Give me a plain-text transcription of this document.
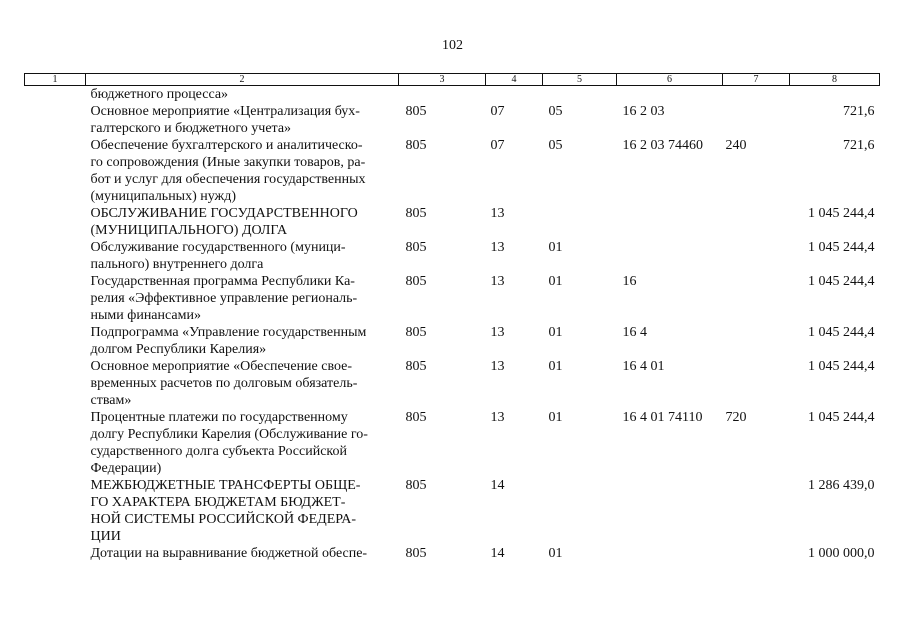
102
1	2	3	4	5	6	7	8
	бюджетного процесса»						
	Основное мероприятие «Централизация бух-
галтерского и бюджетного учета»	805	07	05	16 2 03		721,6
	Обеспечение бухгалтерского и аналитическо-
го сопровождения (Иные закупки товаров, ра-
бот и услуг для обеспечения государственных
(муниципальных) нужд)	805	07	05	16 2 03 74460	240	721,6
	ОБСЛУЖИВАНИЕ ГОСУДАРСТВЕННОГО
(МУНИЦИПАЛЬНОГО) ДОЛГА	805	13				1 045 244,4
	Обслуживание государственного (муници-
пального) внутреннего долга	805	13	01			1 045 244,4
	Государственная программа Республики Ка-
релия «Эффективное управление региональ-
ными финансами»	805	13	01	16		1 045 244,4
	Подпрограмма «Управление государственным
долгом Республики Карелия»	805	13	01	16 4		1 045 244,4
	Основное мероприятие «Обеспечение свое-
временных расчетов по долговым обязатель-
ствам»	805	13	01	16 4 01		1 045 244,4
	Процентные платежи по государственному
долгу Республики Карелия (Обслуживание го-
сударственного долга субъекта Российской
Федерации)	805	13	01	16 4 01 74110	720	1 045 244,4
	МЕЖБЮДЖЕТНЫЕ ТРАНСФЕРТЫ ОБЩЕ-
ГО ХАРАКТЕРА БЮДЖЕТАМ БЮДЖЕТ-
НОЙ СИСТЕМЫ РОССИЙСКОЙ ФЕДЕРА-
ЦИИ	805	14				1 286 439,0
	Дотации на выравнивание бюджетной обеспе-	805	14	01			1 000 000,0
